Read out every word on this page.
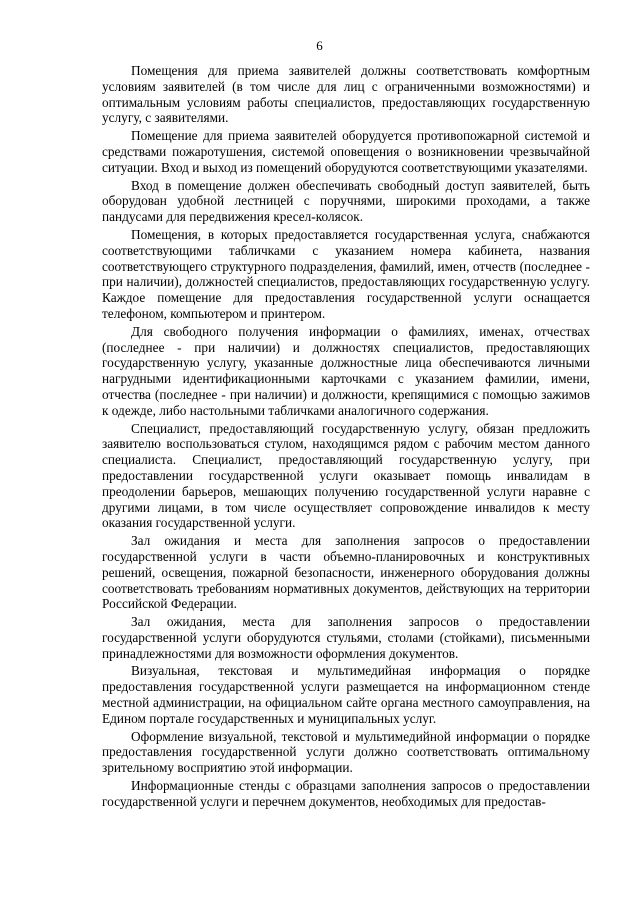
6

Помещения для приема заявителей должны соответствовать комфортным условиям заявителей (в том числе для лиц с ограниченными возможностями) и оптимальным условиям работы специалистов, предоставляющих государственную услугу, с заявителями.

Помещение для приема заявителей оборудуется противопожарной системой и средствами пожаротушения, системой оповещения о возникновении чрезвычайной ситуации. Вход и выход из помещений оборудуются соответствующими указателями.

Вход в помещение должен обеспечивать свободный доступ заявителей, быть оборудован удобной лестницей с поручнями, широкими проходами, а также пандусами для передвижения кресел-колясок.

Помещения, в которых предоставляется государственная услуга, снабжаются соответствующими табличками с указанием номера кабинета, названия соответствующего структурного подразделения, фамилий, имен, отчеств (последнее - при наличии), должностей специалистов, предоставляющих государственную услугу. Каждое помещение для предоставления государственной услуги оснащается телефоном, компьютером и принтером.

Для свободного получения информации о фамилиях, именах, отчествах (последнее - при наличии) и должностях специалистов, предоставляющих государственную услугу, указанные должностные лица обеспечиваются личными нагрудными идентификационными карточками с указанием фамилии, имени, отчества (последнее - при наличии) и должности, крепящимися с помощью зажимов к одежде, либо настольными табличками аналогичного содержания.

Специалист, предоставляющий государственную услугу, обязан предложить заявителю воспользоваться стулом, находящимся рядом с рабочим местом данного специалиста. Специалист, предоставляющий государственную услугу, при предоставлении государственной услуги оказывает помощь инвалидам в преодолении барьеров, мешающих получению государственной услуги наравне с другими лицами, в том числе осуществляет сопровождение инвалидов к месту оказания государственной услуги.

Зал ожидания и места для заполнения запросов о предоставлении государственной услуги в части объемно-планировочных и конструктивных решений, освещения, пожарной безопасности, инженерного оборудования должны соответствовать требованиям нормативных документов, действующих на территории Российской Федерации.

Зал ожидания, места для заполнения запросов о предоставлении государственной услуги оборудуются стульями, столами (стойками), письменными принадлежностями для возможности оформления документов.

Визуальная, текстовая и мультимедийная информация о порядке предоставления государственной услуги размещается на информационном стенде местной администрации, на официальном сайте органа местного самоуправления, на Едином портале государственных и муниципальных услуг.

Оформление визуальной, текстовой и мультимедийной информации о порядке предоставления государственной услуги должно соответствовать оптимальному зрительному восприятию этой информации.

Информационные стенды с образцами заполнения запросов о предоставлении государственной услуги и перечнем документов, необходимых для предостав-
